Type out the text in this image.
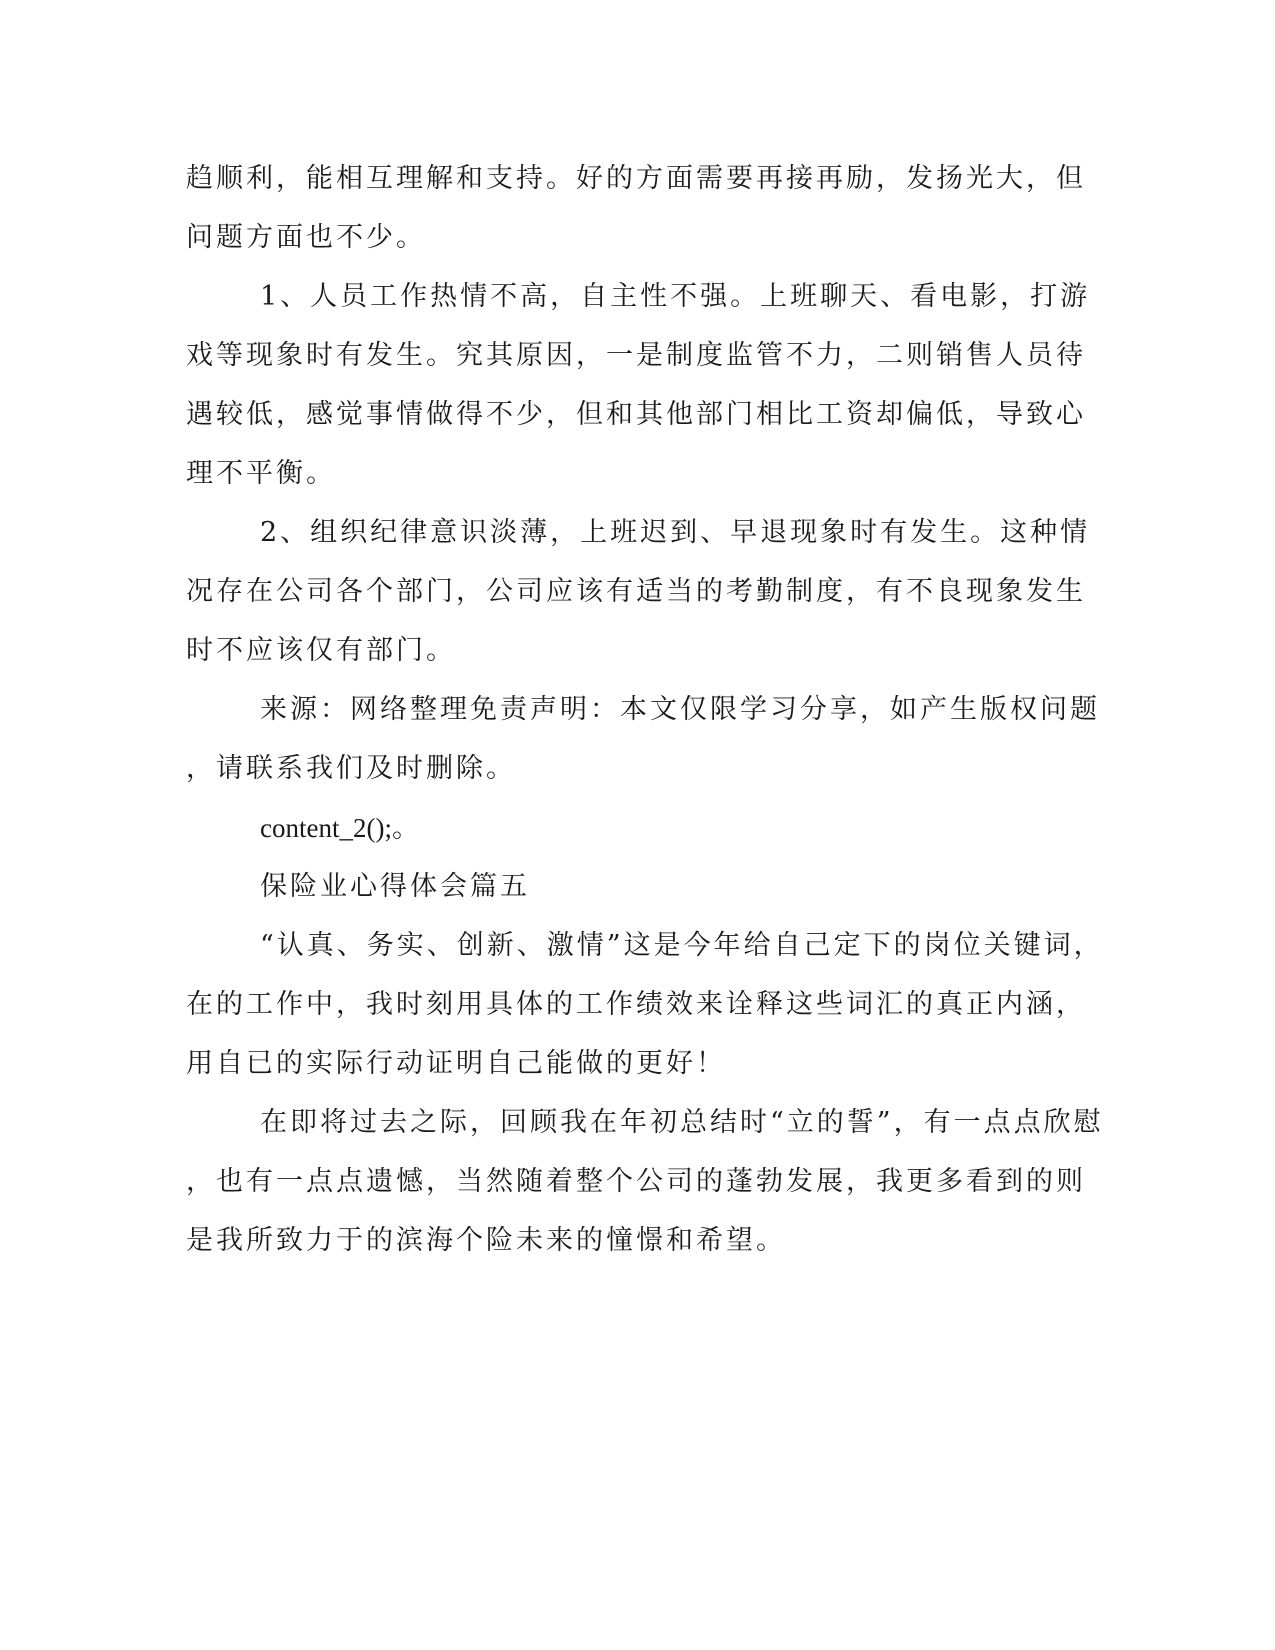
趋顺利，能相互理解和支持。好的方面需要再接再励，发扬光大，但
问题方面也不少。
1、人员工作热情不高，自主性不强。上班聊天、看电影，打游
戏等现象时有发生。究其原因，一是制度监管不力，二则销售人员待
遇较低，感觉事情做得不少，但和其他部门相比工资却偏低，导致心
理不平衡。
2、组织纪律意识淡薄，上班迟到、早退现象时有发生。这种情
况存在公司各个部门，公司应该有适当的考勤制度，有不良现象发生
时不应该仅有部门。
来源：网络整理免责声明：本文仅限学习分享，如产生版权问题
，请联系我们及时删除。
content_2();。
保险业心得体会篇五
“认真、务实、创新、激情”这是今年给自己定下的岗位关键词，
在的工作中，我时刻用具体的工作绩效来诠释这些词汇的真正内涵，
用自已的实际行动证明自己能做的更好！
在即将过去之际，回顾我在年初总结时“立的誓”，有一点点欣慰
，也有一点点遗憾，当然随着整个公司的蓬勃发展，我更多看到的则
是我所致力于的滨海个险未来的憧憬和希望。
